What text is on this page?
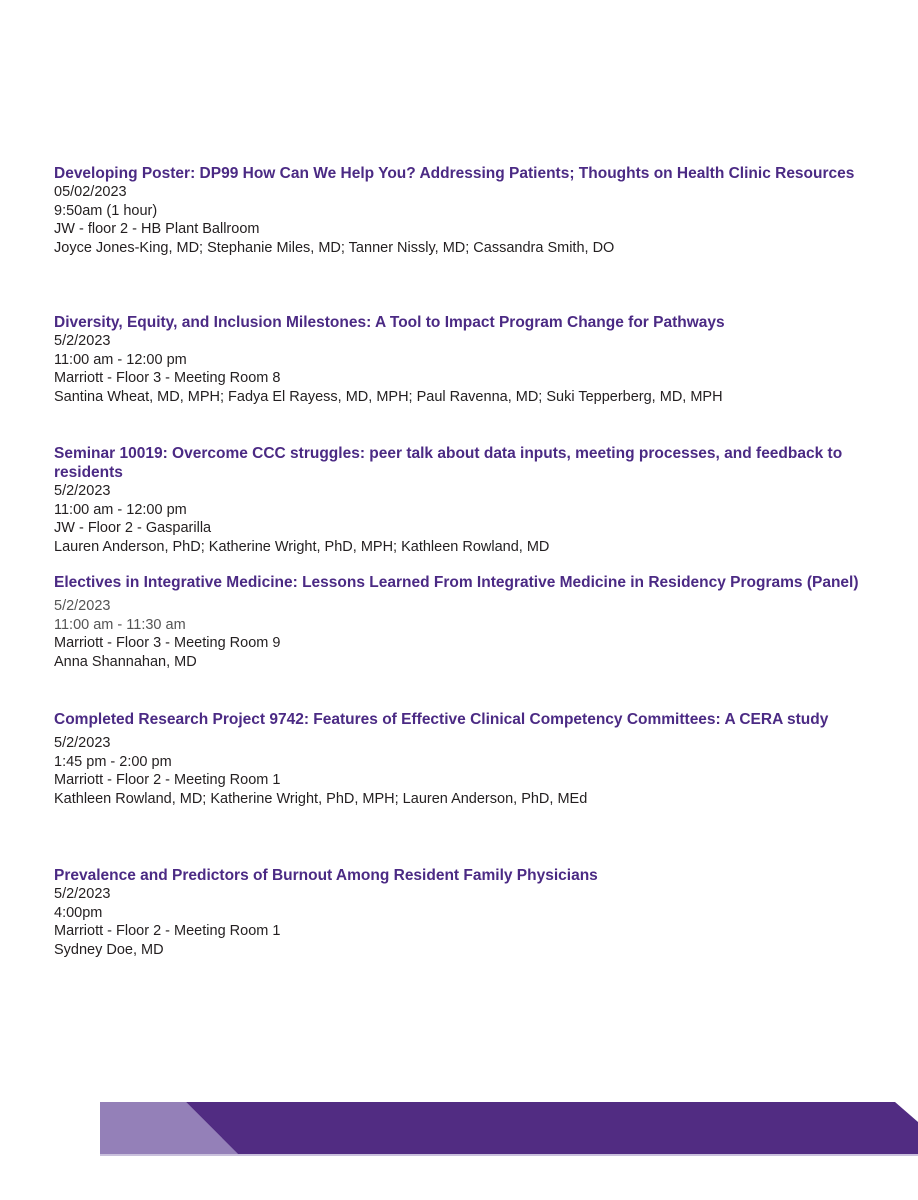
Developing Poster: DP99 How Can We Help You? Addressing Patients; Thoughts on Health Clinic Resources

05/02/2023

9:50am (1 hour)

JW - floor 2 - HB Plant Ballroom

Joyce Jones-King, MD; Stephanie Miles, MD; Tanner Nissly, MD; Cassandra Smith, DO

Diversity, Equity, and Inclusion Milestones: A Tool to Impact Program Change for Pathways

5/2/2023

11:00 am - 12:00 pm

Marriott - Floor 3 - Meeting Room 8

Santina Wheat, MD, MPH; Fadya El Rayess, MD, MPH; Paul Ravenna, MD; Suki Tepperberg, MD, MPH

Seminar 10019: Overcome CCC struggles: peer talk about data inputs, meeting processes, and feedback to residents

5/2/2023

11:00 am - 12:00 pm

JW - Floor 2 - Gasparilla

Lauren Anderson, PhD; Katherine Wright, PhD, MPH; Kathleen Rowland, MD

Electives in Integrative Medicine: Lessons Learned From Integrative Medicine in Residency Programs (Panel)

5/2/2023

11:00 am - 11:30 am

Marriott - Floor 3 - Meeting Room 9

Anna Shannahan, MD

Completed Research Project 9742: Features of Effective Clinical Competency Committees: A CERA study

5/2/2023

1:45 pm - 2:00 pm

Marriott - Floor 2 - Meeting Room 1

Kathleen Rowland, MD; Katherine Wright, PhD, MPH; Lauren Anderson, PhD, MEd

Prevalence and Predictors of Burnout Among Resident Family Physicians

5/2/2023

4:00pm

Marriott - Floor 2 - Meeting Room 1

Sydney Doe, MD
